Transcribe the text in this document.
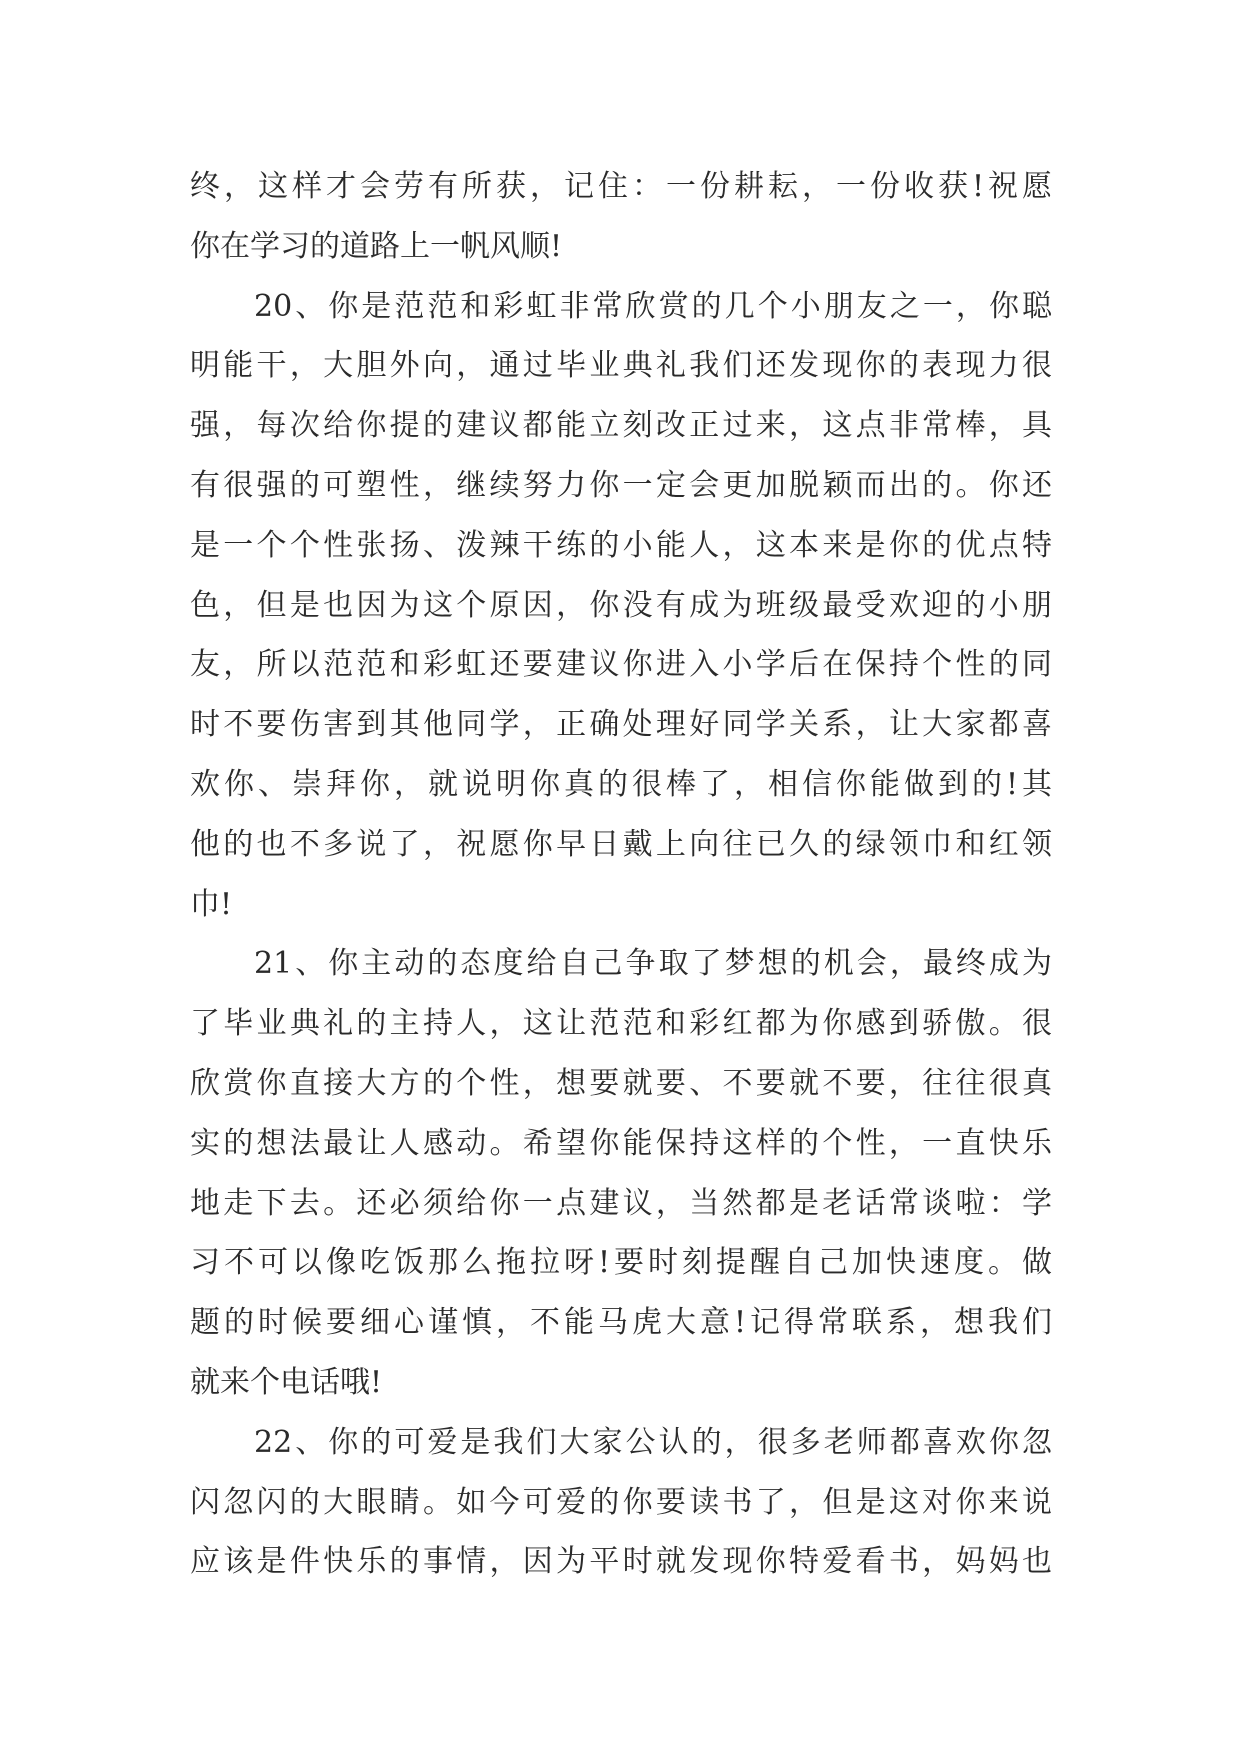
终，这样才会劳有所获，记住：一份耕耘，一份收获!祝愿
你在学习的道路上一帆风顺!
20、你是范范和彩虹非常欣赏的几个小朋友之一，你聪
明能干，大胆外向，通过毕业典礼我们还发现你的表现力很
强，每次给你提的建议都能立刻改正过来，这点非常棒，具
有很强的可塑性，继续努力你一定会更加脱颖而出的。你还
是一个个性张扬、泼辣干练的小能人，这本来是你的优点特
色，但是也因为这个原因，你没有成为班级最受欢迎的小朋
友，所以范范和彩虹还要建议你进入小学后在保持个性的同
时不要伤害到其他同学，正确处理好同学关系，让大家都喜
欢你、崇拜你，就说明你真的很棒了，相信你能做到的!其
他的也不多说了，祝愿你早日戴上向往已久的绿领巾和红领
巾!
21、你主动的态度给自己争取了梦想的机会，最终成为
了毕业典礼的主持人，这让范范和彩红都为你感到骄傲。很
欣赏你直接大方的个性，想要就要、不要就不要，往往很真
实的想法最让人感动。希望你能保持这样的个性，一直快乐
地走下去。还必须给你一点建议，当然都是老话常谈啦：学
习不可以像吃饭那么拖拉呀!要时刻提醒自己加快速度。做
题的时候要细心谨慎，不能马虎大意!记得常联系，想我们
就来个电话哦!
22、你的可爱是我们大家公认的，很多老师都喜欢你忽
闪忽闪的大眼睛。如今可爱的你要读书了，但是这对你来说
应该是件快乐的事情，因为平时就发现你特爱看书，妈妈也
